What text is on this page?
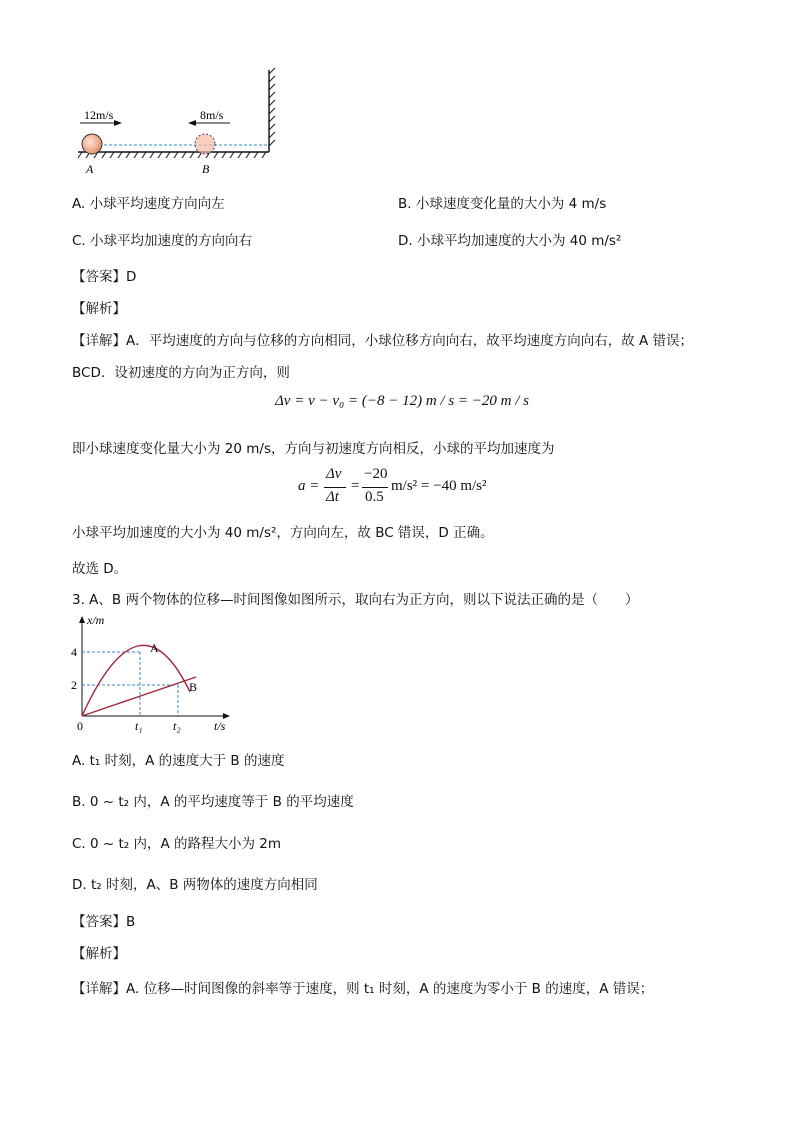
12m/s	8m/s
A	B
A. 小球平均速度方向向左	B. 小球速度变化量的大小为 4 m/s
C. 小球平均加速度的方向向右	D. 小球平均加速度的大小为 40 m/s²
【答案】D
【解析】
【详解】A．平均速度的方向与位移的方向相同，小球位移方向向右，故平均速度方向向右，故 A 错误；
BCD．设初速度的方向为正方向，则
Δv = v − v₀ = (−8 − 12) m / s = −20 m / s
即小球速度变化量大小为 20 m/s，方向与初速度方向相反，小球的平均加速度为
a =
Δv
Δt
=
−20
0.5
m/s² = −40 m/s²
小球平均加速度的大小为 40 m/s²，方向向左，故 BC 错误，D 正确。
故选 D。
3. A、B 两个物体的位移—时间图像如图所示，取向右为正方向，则以下说法正确的是（　　）
x/m
t/s
4
2
0	t₁	t₂
A
B
A. t₁ 时刻，A 的速度大于 B 的速度
B. 0 ~ t₂ 内，A 的平均速度等于 B 的平均速度
C. 0 ~ t₂ 内，A 的路程大小为 2m
D. t₂ 时刻，A、B 两物体的速度方向相同
【答案】B
【解析】
【详解】A. 位移—时间图像的斜率等于速度，则 t₁ 时刻，A 的速度为零小于 B 的速度，A 错误；
